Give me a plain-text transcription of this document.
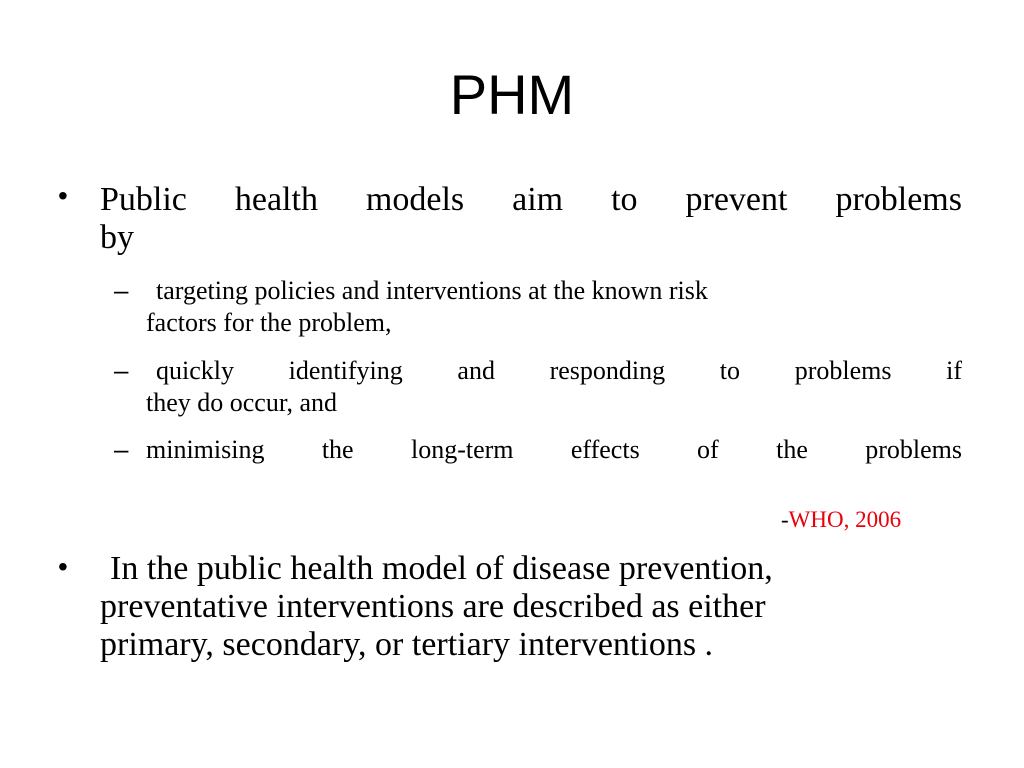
PHM
• Public health models aim to prevent problems
by
–	targeting policies and interventions at the known risk
factors for the problem,
–	quickly identifying and responding to problems if
they do occur, and
– minimising the long-term effects of the problems
-WHO, 2006
• In the public health model of disease prevention,
preventative interventions are described as either
primary, secondary, or tertiary interventions .
